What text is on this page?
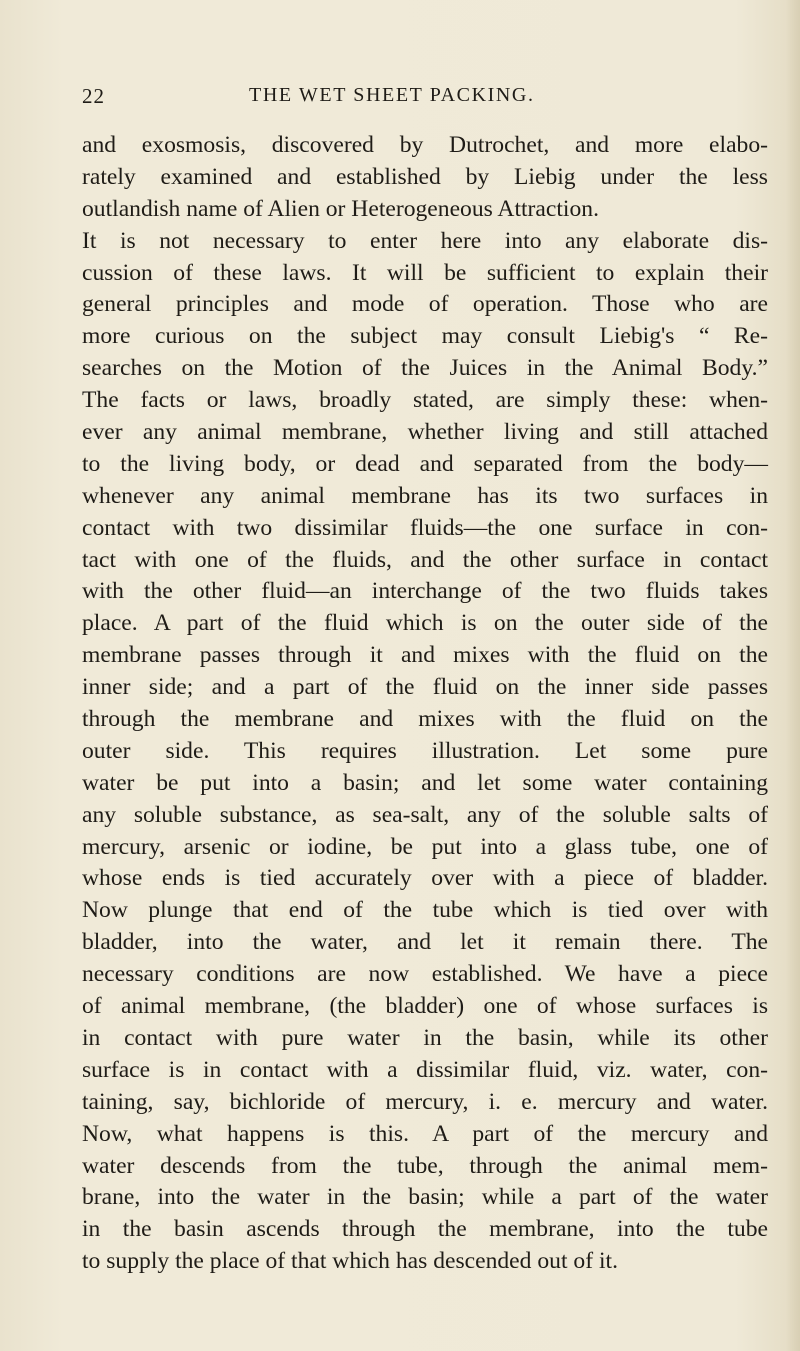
22	THE WET SHEET PACKING.
and exosmosis, discovered by Dutrochet, and more elabo-
rately examined and established by Liebig under the less
outlandish name of Alien or Heterogeneous Attraction.
It is not necessary to enter here into any elaborate dis-
cussion of these laws. It will be sufficient to explain their
general principles and mode of operation. Those who are
more curious on the subject may consult Liebig's “ Re-
searches on the Motion of the Juices in the Animal Body.”
The facts or laws, broadly stated, are simply these: when-
ever any animal membrane, whether living and still attached
to the living body, or dead and separated from the body—
whenever any animal membrane has its two surfaces in
contact with two dissimilar fluids—the one surface in con-
tact with one of the fluids, and the other surface in contact
with the other fluid—an interchange of the two fluids takes
place. A part of the fluid which is on the outer side of the
membrane passes through it and mixes with the fluid on the
inner side; and a part of the fluid on the inner side passes
through the membrane and mixes with the fluid on the
outer side. This requires illustration. Let some pure
water be put into a basin; and let some water containing
any soluble substance, as sea-salt, any of the soluble salts of
mercury, arsenic or iodine, be put into a glass tube, one of
whose ends is tied accurately over with a piece of bladder.
Now plunge that end of the tube which is tied over with
bladder, into the water, and let it remain there. The
necessary conditions are now established. We have a piece
of animal membrane, (the bladder) one of whose surfaces is
in contact with pure water in the basin, while its other
surface is in contact with a dissimilar fluid, viz. water, con-
taining, say, bichloride of mercury, i. e. mercury and water.
Now, what happens is this. A part of the mercury and
water descends from the tube, through the animal mem-
brane, into the water in the basin; while a part of the water
in the basin ascends through the membrane, into the tube
to supply the place of that which has descended out of it.
